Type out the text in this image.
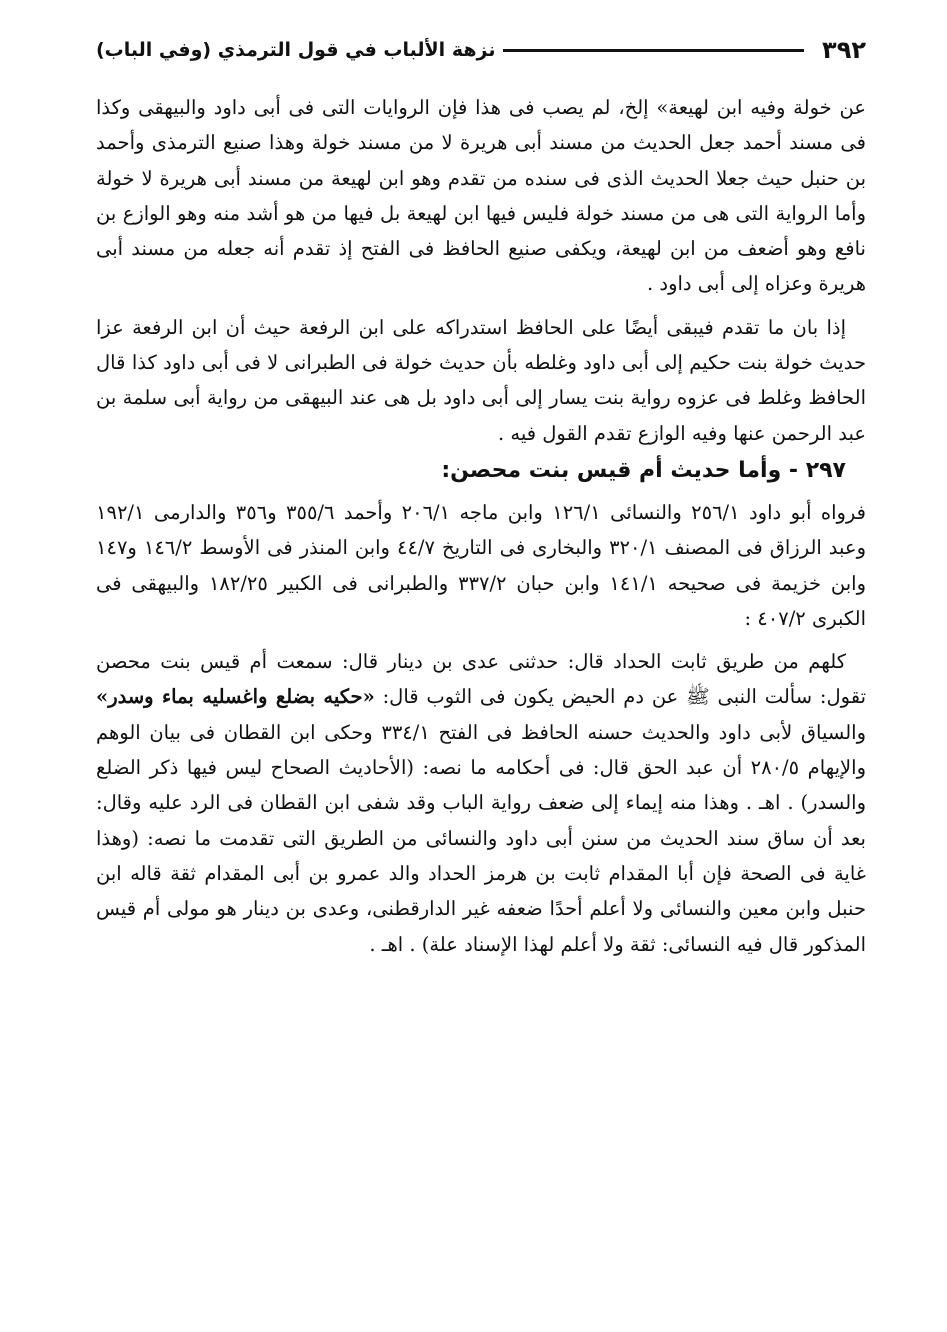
٣٩٢
نزهة الألباب في قول الترمذي (وفي الباب)

عن خولة وفيه ابن لهيعة» إلخ، لم يصب فى هذا فإن الروايات التى فى أبى داود والبيهقى وكذا فى مسند أحمد جعل الحديث من مسند أبى هريرة لا من مسند خولة وهذا صنيع الترمذى وأحمد بن حنبل حيث جعلا الحديث الذى فى سنده من تقدم وهو ابن لهيعة من مسند أبى هريرة لا خولة وأما الرواية التى هى من مسند خولة فليس فيها ابن لهيعة بل فيها من هو أشد منه وهو الوازع بن نافع وهو أضعف من ابن لهيعة، ويكفى صنيع الحافظ فى الفتح إذ تقدم أنه جعله من مسند أبى هريرة وعزاه إلى أبى داود .

إذا بان ما تقدم فيبقى أيضًا على الحافظ استدراكه على ابن الرفعة حيث أن ابن الرفعة عزا حديث خولة بنت حكيم إلى أبى داود وغلطه بأن حديث خولة فى الطبرانى لا فى أبى داود كذا قال الحافظ وغلط فى عزوه رواية بنت يسار إلى أبى داود بل هى عند البيهقى من رواية أبى سلمة بن عبد الرحمن عنها وفيه الوازع تقدم القول فيه .

٢٩٧ - وأما حديث أم قيس بنت محصن:

فرواه أبو داود ٢٥٦/١ والنسائى ١٢٦/١ وابن ماجه ٢٠٦/١ وأحمد ٣٥٥/٦ و٣٥٦ والدارمى ١٩٢/١ وعبد الرزاق فى المصنف ٣٢٠/١ والبخارى فى التاريخ ٤٤/٧ وابن المنذر فى الأوسط ١٤٦/٢ و١٤٧ وابن خزيمة فى صحيحه ١٤١/١ وابن حبان ٣٣٧/٢ والطبرانى فى الكبير ١٨٢/٢٥ والبيهقى فى الكبرى ٤٠٧/٢ :

كلهم من طريق ثابت الحداد قال: حدثنى عدى بن دينار قال: سمعت أم قيس بنت محصن تقول: سألت النبى ﷺ عن دم الحيض يكون فى الثوب قال: «حكيه بضلع واغسليه بماء وسدر» والسياق لأبى داود والحديث حسنه الحافظ فى الفتح ٣٣٤/١ وحكى ابن القطان فى بيان الوهم والإيهام ٢٨٠/٥ أن عبد الحق قال: فى أحكامه ما نصه: (الأحاديث الصحاح ليس فيها ذكر الضلع والسدر) . اهـ . وهذا منه إيماء إلى ضعف رواية الباب وقد شفى ابن القطان فى الرد عليه وقال: بعد أن ساق سند الحديث من سنن أبى داود والنسائى من الطريق التى تقدمت ما نصه: (وهذا غاية فى الصحة فإن أبا المقدام ثابت بن هرمز الحداد والد عمرو بن أبى المقدام ثقة قاله ابن حنبل وابن معين والنسائى ولا أعلم أحدًا ضعفه غير الدارقطنى، وعدى بن دينار هو مولى أم قيس المذكور قال فيه النسائى: ثقة ولا أعلم لهذا الإسناد علة) . اهـ .
